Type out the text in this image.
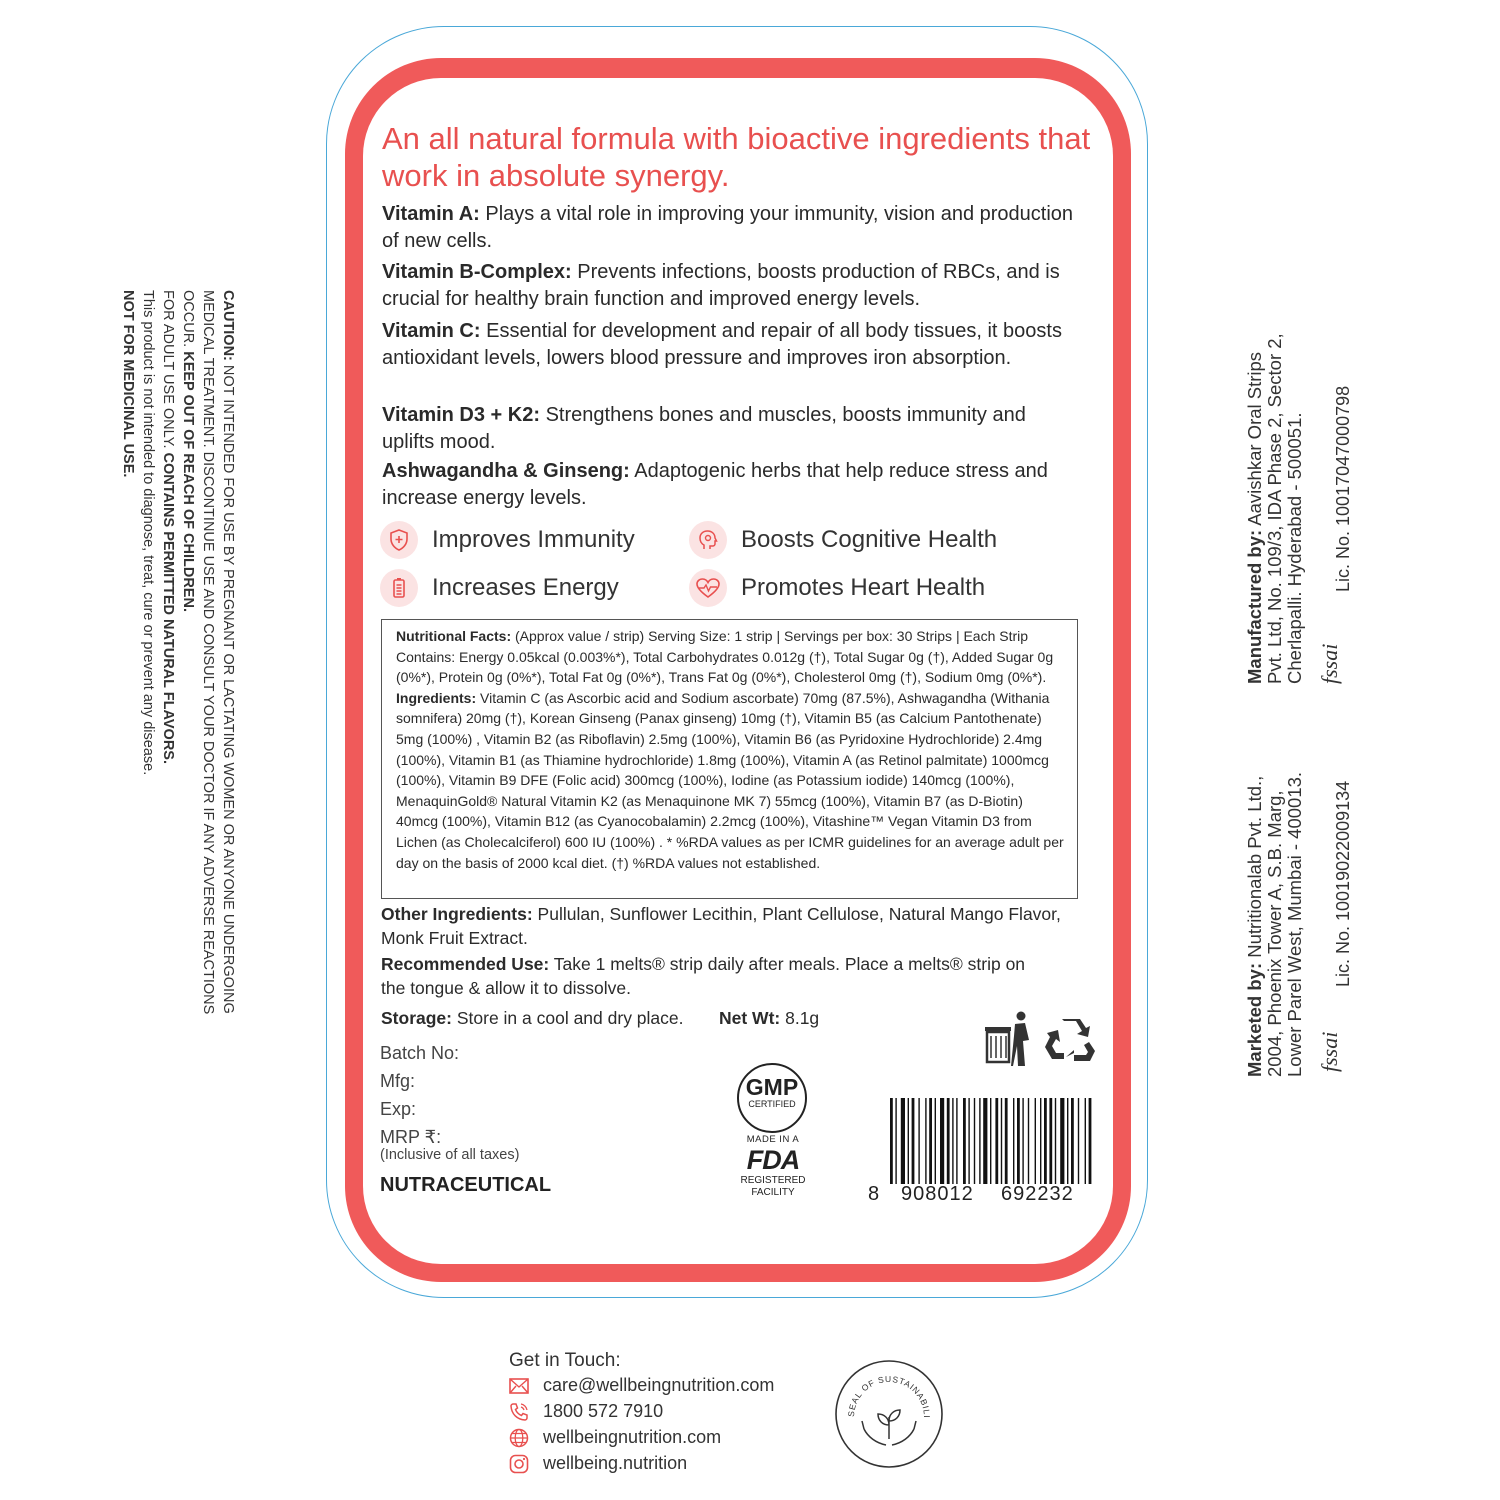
An all natural formula with bioactive ingredients that work in absolute synergy.
Vitamin A: Plays a vital role in improving your immunity, vision and production of new cells.
Vitamin B-Complex: Prevents infections, boosts production of RBCs, and is crucial for healthy brain function and improved energy levels.
Vitamin C: Essential for development and repair of all body tissues, it boosts antioxidant levels, lowers blood pressure and improves iron absorption.
Vitamin D3 + K2: Strengthens bones and muscles, boosts immunity and uplifts mood.
Ashwagandha & Ginseng: Adaptogenic herbs that help reduce stress and increase energy levels.
Improves Immunity	Boosts Cognitive Health
Increases Energy	Promotes Heart Health
Nutritional Facts: (Approx value / strip) Serving Size: 1 strip | Servings per box: 30 Strips | Each Strip Contains: Energy 0.05kcal (0.003%*), Total Carbohydrates 0.012g (†), Total Sugar 0g (†), Added Sugar 0g (0%*), Protein 0g (0%*), Total Fat 0g (0%*), Trans Fat 0g (0%*), Cholesterol 0mg (†), Sodium 0mg (0%*). Ingredients: Vitamin C (as Ascorbic acid and Sodium ascorbate) 70mg (87.5%), Ashwagandha (Withania somnifera) 20mg (†), Korean Ginseng (Panax ginseng) 10mg (†), Vitamin B5 (as Calcium Pantothenate) 5mg (100%) , Vitamin B2 (as Riboflavin) 2.5mg (100%), Vitamin B6 (as Pyridoxine Hydrochloride) 2.4mg (100%), Vitamin B1 (as Thiamine hydrochloride) 1.8mg (100%), Vitamin A (as Retinol palmitate) 1000mcg (100%), Vitamin B9 DFE (Folic acid) 300mcg (100%), Iodine (as Potassium iodide) 140mcg (100%), MenaquinGold® Natural Vitamin K2 (as Menaquinone MK 7) 55mcg (100%), Vitamin B7 (as D-Biotin) 40mcg (100%), Vitamin B12 (as Cyanocobalamin) 2.2mcg (100%), Vitashine™ Vegan Vitamin D3 from Lichen (as Cholecalciferol) 600 IU (100%) . * %RDA values as per ICMR guidelines for an average adult per day on the basis of 2000 kcal diet. (†) %RDA values not established.
Other Ingredients: Pullulan, Sunflower Lecithin, Plant Cellulose, Natural Mango Flavor, Monk Fruit Extract.
Recommended Use: Take 1 melts® strip daily after meals. Place a melts® strip on the tongue & allow it to dissolve.
Storage: Store in a cool and dry place.	Net Wt: 8.1g
Batch No:
Mfg:
Exp:
MRP ₹:
(Inclusive of all taxes)
NUTRACEUTICAL
GMP
CERTIFIED
MADE IN A
FDA
REGISTERED
FACILITY	8 908012 692232
CAUTION: NOT INTENDED FOR USE BY PREGNANT OR LACTATING WOMEN OR ANYONE UNDERGOING
MEDICAL TREATMENT. DISCONTINUE USE AND CONSULT YOUR DOCTOR IF ANY ADVERSE REACTIONS
OCCUR. KEEP OUT OF REACH OF CHILDREN.
FOR ADULT USE ONLY. CONTAINS PERMITTED NATURAL FLAVORS.
This product is not intended to diagnose, treat, cure or prevent any disease.
NOT FOR MEDICINAL USE.
Manufactured by: Aavishkar Oral Strips Pvt. Ltd, No. 109/3, IDA Phase 2, Sector 2, Cherlapalli. Hyderabad - 500051. fssai
Lic. No. 10017047000798
Marketed by: Nutritionalab Pvt. Ltd., 2004, Phoenix Tower A, S.B. Marg, Lower Parel West, Mumbai - 400013. fssai
Lic. No. 10019022009134
Get in Touch:
care@wellbeingnutrition.com
1800 572 7910
wellbeingnutrition.com
wellbeing.nutrition
SEAL OF SUSTAINABILI
